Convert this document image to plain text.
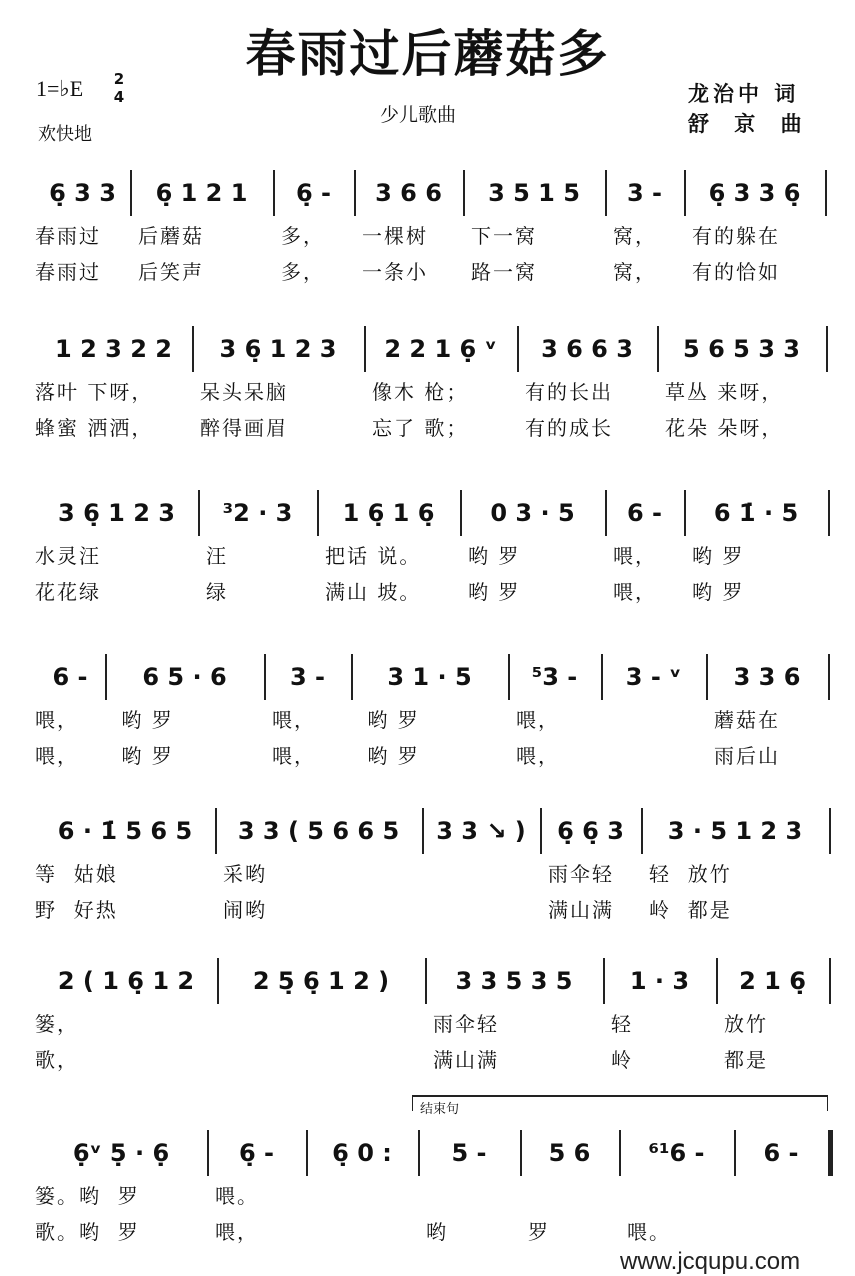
春雨过后蘑菇多
1=♭E 2
4
欢快地
少儿歌曲
龙治中 词
舒 京 曲
6̣ 3 3
春雨过
春雨过
6̣ 1 2 1
后蘑菇
后笑声
6̣ -
多，
多，
3 6 6
一棵树
一条小
3 5 1 5
下一窝
路一窝
3 -
窝，
窝，
6̣ 3 3 6̣
有的躲在
有的恰如
1 2 3 2 2
落叶 下呀，
蜂蜜 洒洒，
3 6̣ 1 2 3
呆头呆脑
醉得画眉
2 2 1 6̣ ᵛ
像木 枪；
忘了 歌；
3 6 6 3
有的长出
有的成长
5 6 5 3 3
草丛 来呀，
花朵 朵呀，
3 6̣ 1 2 3
水灵汪
花花绿
³2 · 3
汪
绿
1 6̣ 1 6̣
把话 说。
满山 坡。
0 3 · 5
哟 罗
哟 罗
6 -
喂，
喂，
6 1̇ · 5
哟 罗
哟 罗
6 -
喂，
喂，
6 5 · 6
哟 罗
哟 罗
3 -
喂，
喂，
3 1 · 5
哟 罗
哟 罗
⁵3 -
喂，
喂，
3 - ᵛ	3 3 6
蘑菇在
雨后山
6 · 1̇ 5 6 5
等  姑娘
野  好热
3 3 ( 5 6 6 5
采哟
闹哟
3 3 ↘ )	6̣ 6̣ 3
雨伞轻
满山满
3 · 5 1 2 3
轻  放竹
岭  都是
2 ( 1 6̣ 1 2
篓，
歌，
2 5̣ 6̣ 1 2 )	3 3 5 3 5
雨伞轻
满山满
1 · 3
轻
岭
2 1 6̣
放竹
都是
6̣ᵛ 5̣ · 6̣
篓。哟  罗
歌。哟  罗
6̣ -
喂。
喂，
6̣ 0 :	5 -
哟
5 6
罗
⁶¹6 -
喂。
6 -
结束句
www.jcqupu.com
